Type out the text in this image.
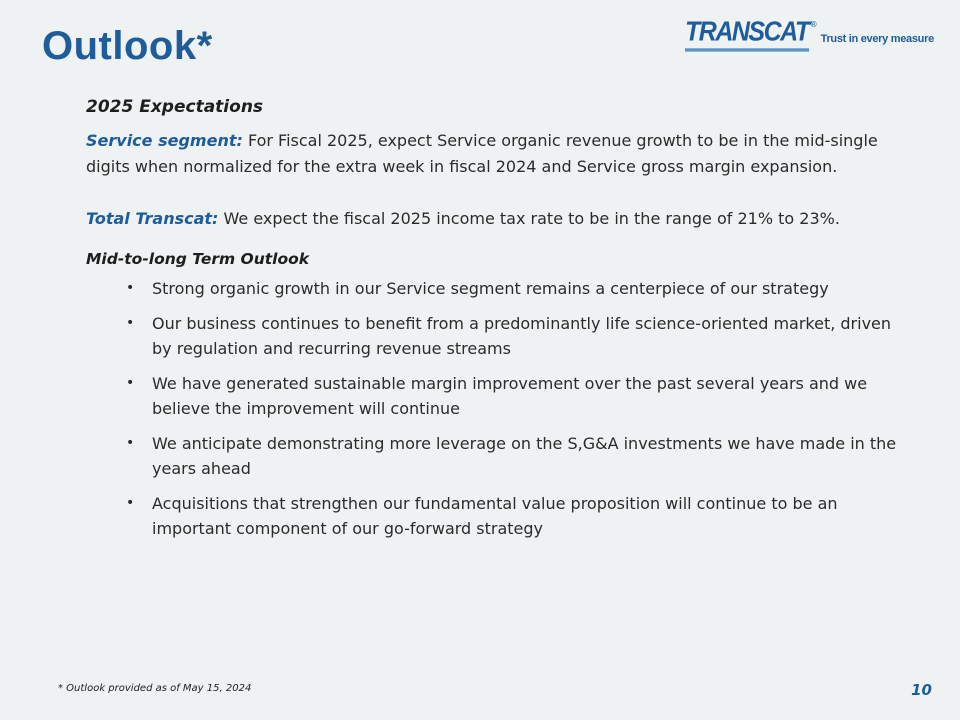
Outlook*	TRANSCAT ®
Trust in every measure
2025 Expectations

Service segment: For Fiscal 2025, expect Service organic revenue growth to be in the mid-single digits when normalized for the extra week in fiscal 2024 and Service gross margin expansion.

Total Transcat: We expect the fiscal 2025 income tax rate to be in the range of 21% to 23%.

Mid-to-long Term Outlook
• Strong organic growth in our Service segment remains a centerpiece of our strategy
• Our business continues to benefit from a predominantly life science-oriented market, driven by regulation and recurring revenue streams
• We have generated sustainable margin improvement over the past several years and we believe the improvement will continue
• We anticipate demonstrating more leverage on the S,G&A investments we have made in the years ahead
• Acquisitions that strengthen our fundamental value proposition will continue to be an important component of our go-forward strategy
* Outlook provided as of May 15, 2024	10
